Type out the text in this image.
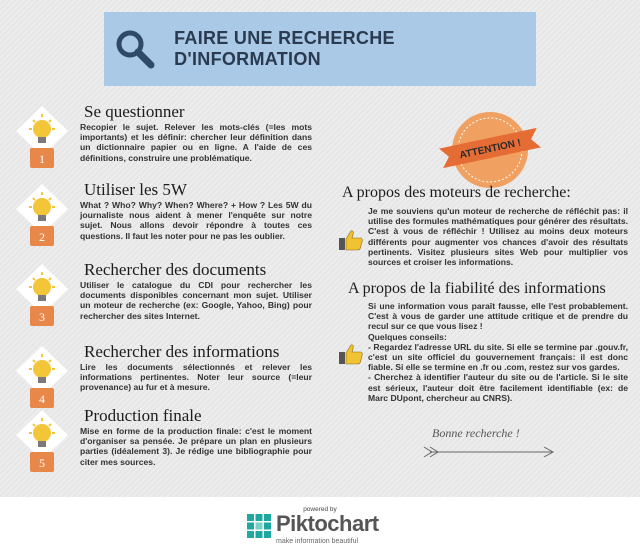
FAIRE UNE RECHERCHE D'INFORMATION
1
Se questionner

Recopier le sujet. Relever les mots-clés (=les mots importants) et les définir: chercher leur définition dans un dictionnaire papier ou en ligne. A l'aide de ces définitions, construire une problématique.

2
Utiliser les 5W

What ? Who? Why? When? Where? + How ? Les 5W du journaliste nous aident à mener l'enquête sur notre sujet. Nous allons devoir répondre à toutes ces questions. Il faut les noter pour ne pas les oublier.

3
Rechercher des documents

Utiliser le catalogue du CDI pour rechercher les documents disponibles concernant mon sujet. Utiliser un moteur de recherche (ex: Google, Yahoo, Bing) pour rechercher des sites Internet.

4
Rechercher des informations

Lire les documents sélectionnés et relever les informations pertinentes. Noter leur source (=leur provenance) au fur et à mesure.

5
Production finale

Mise en forme de la production finale: c'est le moment d'organiser sa pensée. Je prépare un plan en plusieurs parties (idéalement 3). Je rédige une bibliographie pour citer mes sources.

ATTENTION !
A propos des moteurs de recherche:

Je me souviens qu'un moteur de recherche de réfléchit pas: il utilise des formules mathématiques pour générer des résultats. C'est à vous de réfléchir ! Utilisez au moins deux moteurs différents pour augmenter vos chances d'avoir des résultats pertinents. Visitez plusieurs sites Web pour multiplier vos sources et croiser les informations.

A propos de la fiabilité des informations
Si une information vous paraît fausse, elle l'est probablement. C'est à vous de garder une attitude critique et de prendre du recul sur ce que vous lisez !
Quelques conseils:
- Regardez l'adresse URL du site. Si elle se termine par .gouv.fr, c'est un site officiel du gouvernement français: il est donc fiable. Si elle se termine en .fr ou .com, restez sur vos gardes.
- Cherchez à identifier l'auteur du site ou de l'article. Si le site est sérieux, l'auteur doit être facilement identifiable (ex: de Marc DUpont, chercheur au CNRS).
Bonne recherche !
powered by
Piktochart
make information beautiful
